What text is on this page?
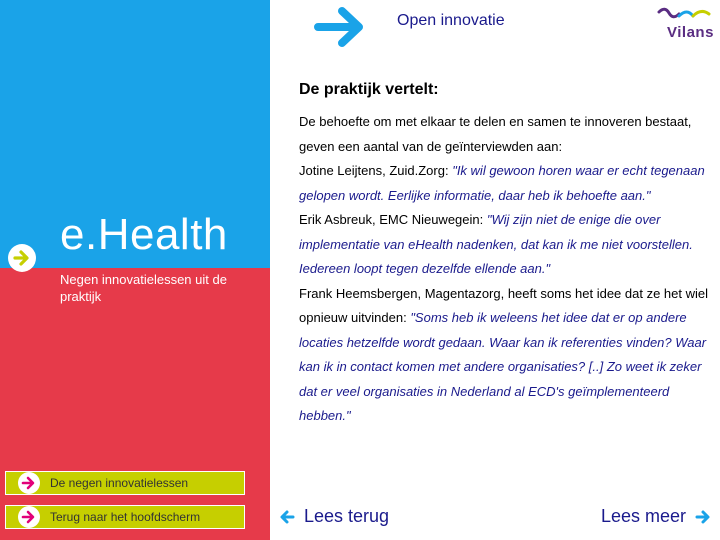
e.Health
Negen innovatielessen uit de praktijk
De negen innovatielessen
Terug naar het hoofdscherm
Open innovatie
Vilans
De praktijk vertelt:
De behoefte om met elkaar te delen en samen te innoveren bestaat, geven een aantal van de geïnterviewden aan:
Jotine Leijtens, Zuid.Zorg: "Ik wil gewoon horen waar er echt tegenaan gelopen wordt. Eerlijke informatie, daar heb ik behoefte aan."
Erik Asbreuk, EMC Nieuwegein: "Wij zijn niet de enige die over implementatie van eHealth nadenken, dat kan ik me niet voorstellen. Iedereen loopt tegen dezelfde ellende aan."
Frank Heemsbergen, Magentazorg, heeft soms het idee dat ze het wiel opnieuw uitvinden: "Soms heb ik weleens het idee dat er op andere locaties hetzelfde wordt gedaan. Waar kan ik referenties vinden? Waar kan ik in contact komen met andere organisaties? [..] Zo weet ik zeker dat er veel organisaties in Nederland al ECD's geïmplementeerd hebben."
Lees terug	Lees meer
